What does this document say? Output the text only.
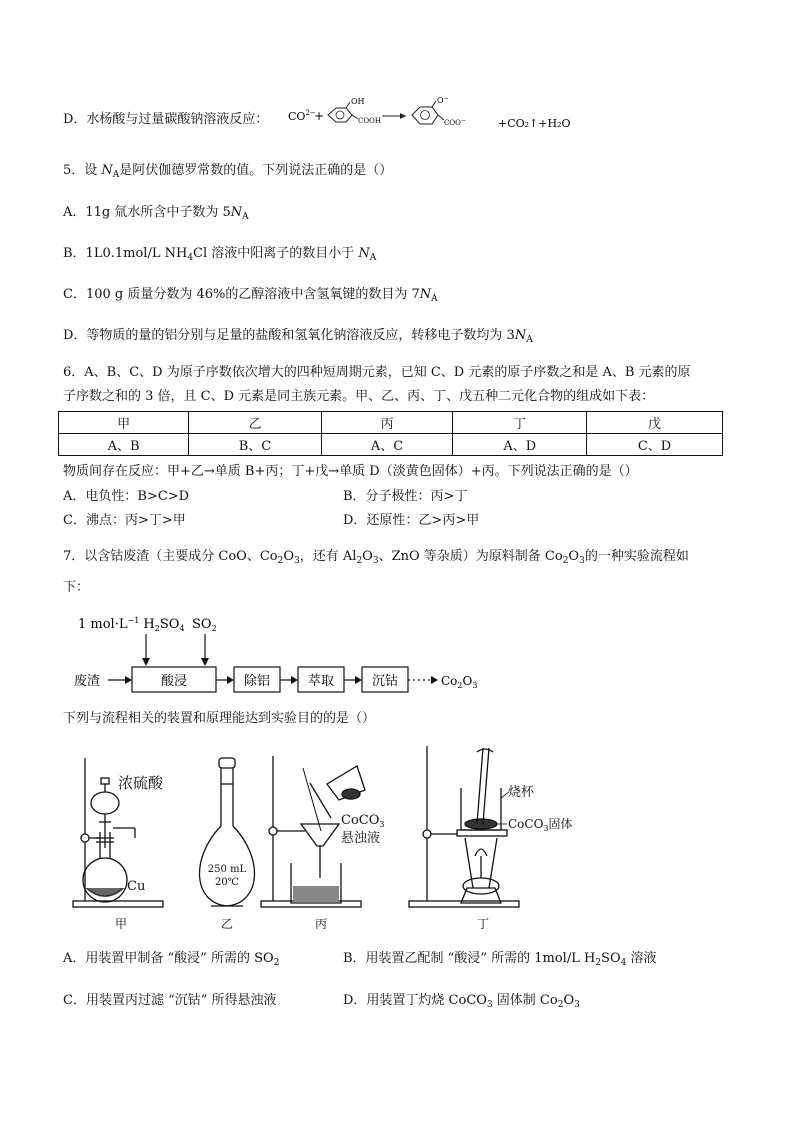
D．水杨酸与过量碳酸钠溶液反应： $CO^{2-}$
+
OH
COOH
O−
COO−	+CO₂↑+H₂O
5．设 $N_A$是阿伏伽德罗常数的值。下列说法正确的是（）
A．11g 氚水所含中子数为 $5N_A$
B．1L0.1mol/L $NH_4Cl$ 溶液中阳离子的数目小于 $N_A$
C．100 g 质量分数为 46%的乙醇溶液中含氢氧键的数目为 $7N_A$
D．等物质的量的铝分别与足量的盐酸和氢氧化钠溶液反应，转移电子数均为 $3N_A$
6．A、B、C、D 为原子序数依次增大的四种短周期元素，已知 C、D 元素的原子序数之和是 A、B 元素的原
子序数之和的 3 倍，且 C、D 元素是同主族元素。甲、乙、丙、丁、戊五种二元化合物的组成如下表：
甲	乙	丙	丁	戊
A、B	B、C	A、C	A、D	C、D
物质间存在反应：甲+乙→单质 B+丙；丁+戊→单质 D（淡黄色固体）+丙。下列说法正确的是（）
A．电负性：B>C>D	B．分子极性：丙>丁
C．沸点：丙>丁>甲	D．还原性：乙>丙>甲
7．以含钴废渣（主要成分 CoO、$Co_2O_3$，还有 $Al_2O_3$、ZnO 等杂质）为原料制备 $Co_2O_3$的一种实验流程如
下：
1 $mol\cdot L^{-1}$ $H_2SO_4$ $SO_2$
废渣	酸浸	除铝	萃取	沉钴	$Co_2O_3$
下列与流程相关的装置和原理能达到实验目的的是（）
浓硫酸
Cu
甲
250 mL
20℃
乙
CoCO$_3$
悬浊液
丙
烧杯
CoCO$_3$固体
丁
A．用装置甲制备 “酸浸” 所需的 $SO_2$	B．用装置乙配制 “酸浸” 所需的 1mol/L $H_2SO_4$ 溶液
C．用装置丙过滤 “沉钴” 所得悬浊液	D．用装置丁灼烧 CoCO$_3$ 固体制 $Co_2O_3$
